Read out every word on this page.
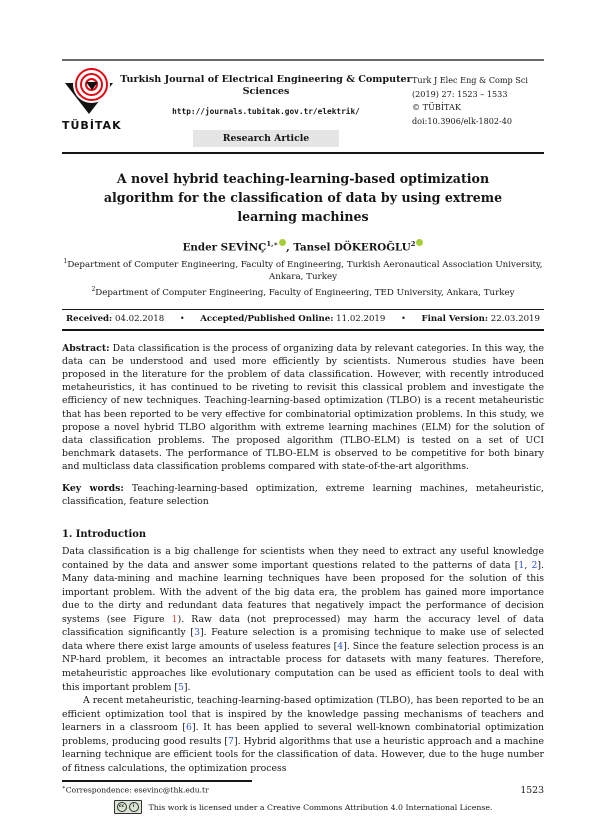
TÜBİTAK
Turkish Journal of Electrical Engineering & Computer Sciences
http://journals.tubitak.gov.tr/elektrik/
Research Article
Turk J Elec Eng & Comp Sci
(2019) 27: 1523 – 1533
© TÜBİTAK
doi:10.3906/elk-1802-40
A novel hybrid teaching-learning-based optimization algorithm for the classification of data by using extreme learning machines
Ender $SEVİNÇ^{1,∗}$ , Tansel DÖKEROĞLU$^2$
$^1$Department of Computer Engineering, Faculty of Engineering, Turkish Aeronautical Association University,
Ankara, Turkey
$^2$Department of Computer Engineering, Faculty of Engineering, TED University, Ankara, Turkey
Received: 04.02.2018 • Accepted/Published Online: 11.02.2019 • Final Version: 22.03.2019
Abstract: Data classification is the process of organizing data by relevant categories. In this way, the data can be understood and used more efficiently by scientists. Numerous studies have been proposed in the literature for the problem of data classification. However, with recently introduced metaheuristics, it has continued to be riveting to revisit this classical problem and investigate the efficiency of new techniques. Teaching-learning-based optimization (TLBO) is a recent metaheuristic that has been reported to be very effective for combinatorial optimization problems. In this study, we propose a novel hybrid TLBO algorithm with extreme learning machines (ELM) for the solution of data classification problems. The proposed algorithm (TLBO-ELM) is tested on a set of UCI benchmark datasets. The performance of TLBO-ELM is observed to be competitive for both binary and multiclass data classification problems compared with state-of-the-art algorithms.
Key words: Teaching-learning-based optimization, extreme learning machines, metaheuristic, classification, feature selection
1. Introduction
Data classification is a big challenge for scientists when they need to extract any useful knowledge contained by the data and answer some important questions related to the patterns of data [1, 2]. Many data-mining and machine learning techniques have been proposed for the solution of this important problem. With the advent of the big data era, the problem has gained more importance due to the dirty and redundant data features that negatively impact the performance of decision systems (see Figure 1). Raw data (not preprocessed) may harm the accuracy level of data classification significantly [3]. Feature selection is a promising technique to make use of selected data where there exist large amounts of useless features [4]. Since the feature selection process is an NP-hard problem, it becomes an intractable process for datasets with many features. Therefore, metaheuristic approaches like evolutionary computation can be used as efficient tools to deal with this important problem [5].
A recent metaheuristic, teaching-learning-based optimization (TLBO), has been reported to be an efficient optimization tool that is inspired by the knowledge passing mechanisms of teachers and learners in a classroom [6]. It has been applied to several well-known combinatorial optimization problems, producing good results [7]. Hybrid algorithms that use a heuristic approach and a machine learning technique are efficient tools for the classification of data. However, due to the huge number of fitness calculations, the optimization process
∗Correspondence: esevinc@thk.edu.tr	1523
cc	i	This work is licensed under a Creative Commons Attribution 4.0 International License.
